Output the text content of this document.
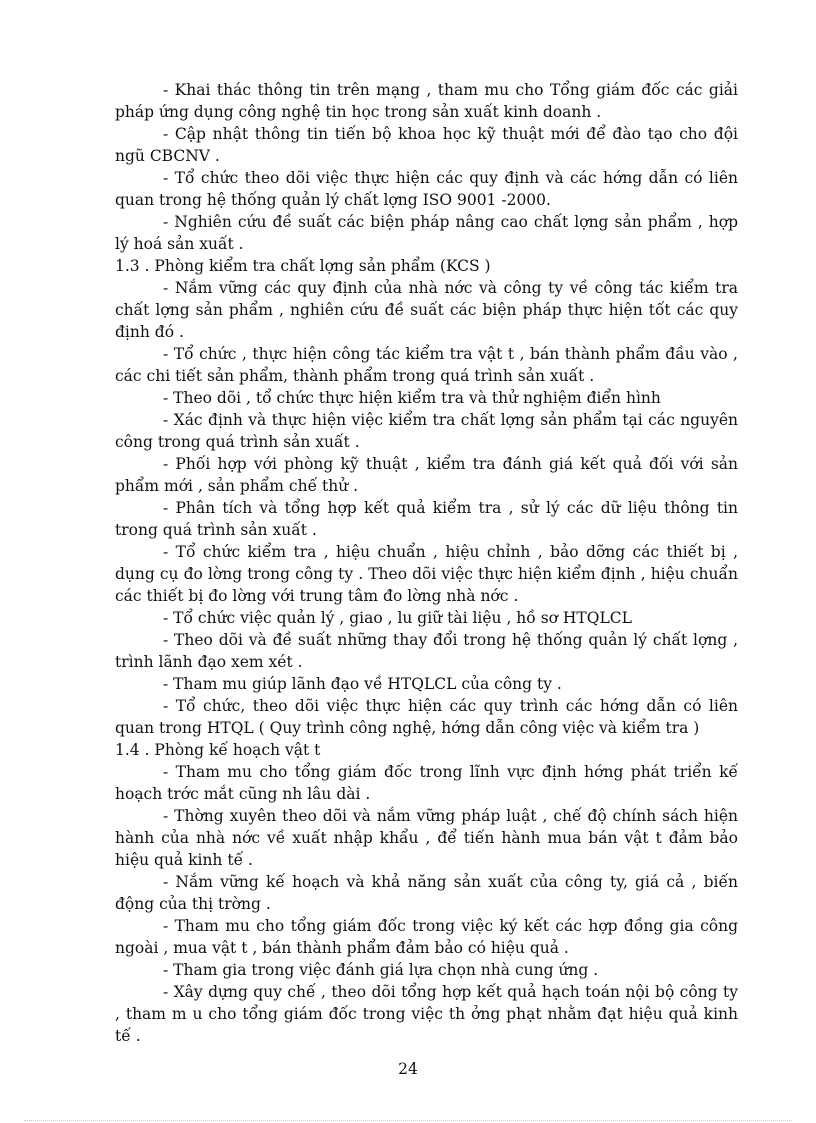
- Khai thác thông tin trên mạng , tham mu cho Tổng giám đốc các giải pháp ứng dụng công nghệ tin học trong sản xuất kinh doanh .

- Cập nhật thông tin tiến bộ khoa học kỹ thuật mới để đào tạo cho đội ngũ CBCNV .

- Tổ chức theo dõi việc thực hiện các quy định và các hớng dẫn có liên quan trong hệ thống quản lý chất lợng ISO 9001 -2000.

- Nghiên cứu đề suất các biện pháp nâng cao chất lợng sản phẩm , hợp lý hoá sản xuất .

1.3 . Phòng kiểm tra chất lợng sản phẩm (KCS )

- Nắm vững các quy định của nhà nớc và công ty về công tác kiểm tra chất lợng sản phẩm , nghiên cứu đề suất các biện pháp thực hiện tốt các quy định đó .

- Tổ chức , thực hiện công tác kiểm tra vật t , bán thành phẩm đầu vào , các chi tiết sản phẩm, thành phẩm trong quá trình sản xuất .

- Theo dõi , tổ chức thực hiện kiểm tra và thử nghiệm điển hình

- Xác định và thực hiện việc kiểm tra chất lợng sản phẩm tại các nguyên công trong quá trình sản xuất .

- Phối hợp với phòng kỹ thuật , kiểm tra đánh giá kết quả đối với sản phẩm mới , sản phẩm chế thử .

- Phân tích và tổng hợp kết quả kiểm tra , sử lý các dữ liệu thông tin trong quá trình sản xuất .

- Tổ chức kiểm tra , hiệu chuẩn , hiệu chỉnh , bảo dỡng các thiết bị , dụng cụ đo lờng trong công ty . Theo dõi việc thực hiện kiểm định , hiệu chuẩn các thiết bị đo lờng với trung tâm đo lờng nhà nớc .

- Tổ chức việc quản lý , giao , lu giữ tài liệu , hồ sơ HTQLCL

- Theo dõi và đề suất những thay đổi trong hệ thống quản lý chất lợng , trình lãnh đạo xem xét .

- Tham mu giúp lãnh đạo về HTQLCL của công ty .

- Tổ chức, theo dõi việc thực hiện các quy trình các hớng dẫn có liên quan trong HTQL ( Quy trình công nghệ, hớng dẫn công việc và kiểm tra )

1.4 . Phòng kế hoạch vật t

- Tham mu cho tổng giám đốc trong lĩnh vực định hớng phát triển kế hoạch trớc mắt cũng nh lâu dài .

- Thờng xuyên theo dõi và nắm vững pháp luật , chế độ chính sách hiện hành của nhà nớc về xuất nhập khẩu , để tiến hành mua bán vật t đảm bảo hiệu quả kinh tế .

- Nắm vững kế hoạch và khả năng sản xuất của công ty, giá cả , biến động của thị trờng .

- Tham mu cho tổng giám đốc trong việc ký kết các hợp đồng gia công ngoài , mua vật t , bán thành phẩm đảm bảo có hiệu quả .

- Tham gia trong việc đánh giá lựa chọn nhà cung ứng .

- Xây dựng quy chế , theo dõi tổng hợp kết quả hạch toán nội bộ công ty , tham m u cho tổng giám đốc trong việc th ởng phạt nhằm đạt hiệu quả kinh tế .

24
